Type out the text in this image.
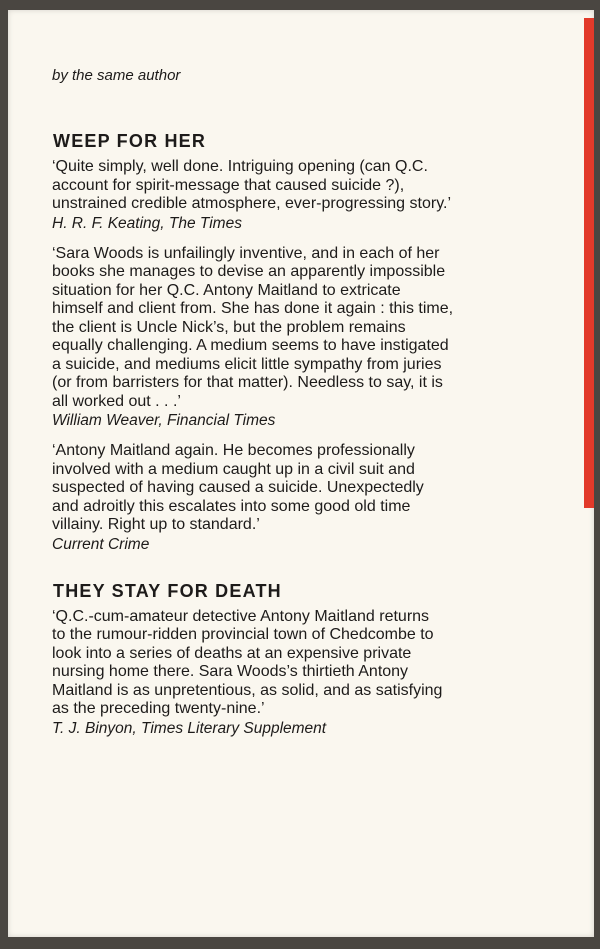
by the same author

WEEP FOR HER

‘Quite simply, well done. Intriguing opening (can Q.C.

account for spirit-message that caused suicide ?),

unstrained credible atmosphere, ever-progressing story.’

H. R. F. Keating, The Times

‘Sara Woods is unfailingly inventive, and in each of her

books she manages to devise an apparently impossible

situation for her Q.C. Antony Maitland to extricate

himself and client from. She has done it again : this time,

the client is Uncle Nick’s, but the problem remains

equally challenging. A medium seems to have instigated

a suicide, and mediums elicit little sympathy from juries

(or from barristers for that matter). Needless to say, it is

all worked out . . .’

William Weaver, Financial Times

‘Antony Maitland again. He becomes professionally

involved with a medium caught up in a civil suit and

suspected of having caused a suicide. Unexpectedly

and adroitly this escalates into some good old time

villainy. Right up to standard.’

Current Crime

THEY STAY FOR DEATH

‘Q.C.-cum-amateur detective Antony Maitland returns

to the rumour-ridden provincial town of Chedcombe to

look into a series of deaths at an expensive private

nursing home there. Sara Woods’s thirtieth Antony

Maitland is as unpretentious, as solid, and as satisfying

as the preceding twenty-nine.’

T. J. Binyon, Times Literary Supplement
